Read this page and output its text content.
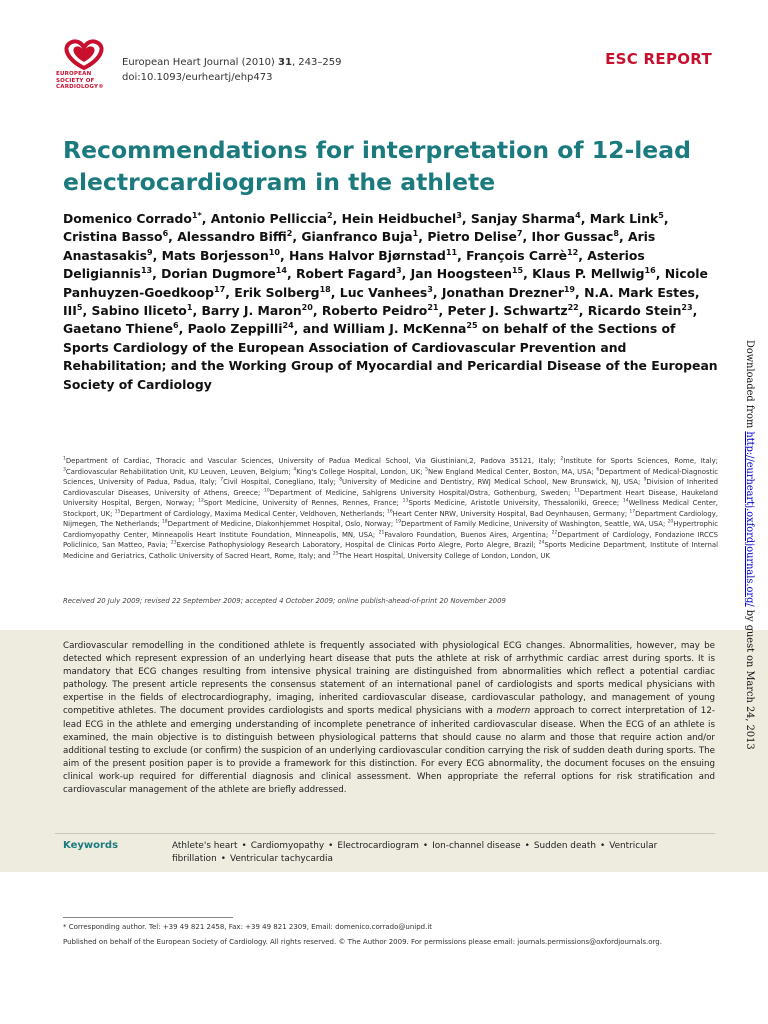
EUROPEAN SOCIETY OF CARDIOLOGY®
European Heart Journal (2010) 31, 243–259
doi:10.1093/eurheartj/ehp473
ESC REPORT
Recommendations for interpretation of 12-lead electrocardiogram in the athlete
Domenico Corrado$^{1*}$, Antonio Pelliccia$^2$, Hein Heidbuchel$^3$, Sanjay Sharma$^4$, Mark Link$^5$, Cristina Basso$^6$, Alessandro Biffi$^2$, Gianfranco Buja$^1$, Pietro Delise$^7$, Ihor Gussac$^8$, Aris Anastasakis$^9$, Mats Borjesson$^{10}$, Hans Halvor Bjørnstad$^{11}$, François Carrè$^{12}$, Asterios Deligiannis$^{13}$, Dorian Dugmore$^{14}$, Robert Fagard$^3$, Jan Hoogsteen$^{15}$, Klaus P. Mellwig$^{16}$, Nicole Panhuyzen-Goedkoop$^{17}$, Erik Solberg$^{18}$, Luc Vanhees$^3$, Jonathan Drezner$^{19}$, N.A. Mark Estes, III$^5$, Sabino Iliceto$^1$, Barry J. Maron$^{20}$, Roberto Peidro$^{21}$, Peter J. Schwartz$^{22}$, Ricardo Stein$^{23}$, Gaetano Thiene$^6$, Paolo Zeppilli$^{24}$, and William J. McKenna$^{25}$ on behalf of the Sections of Sports Cardiology of the European Association of Cardiovascular Prevention and Rehabilitation; and the Working Group of Myocardial and Pericardial Disease of the European Society of Cardiology
$^1$Department of Cardiac, Thoracic and Vascular Sciences, University of Padua Medical School, Via Giustiniani,2, Padova 35121, Italy; $^2$Institute for Sports Sciences, Rome, Italy; $^3$Cardiovascular Rehabilitation Unit, KU Leuven, Leuven, Belgium; $^4$King's College Hospital, London, UK; $^5$New England Medical Center, Boston, MA, USA; $^6$Department of Medical-Diagnostic Sciences, University of Padua, Padua, Italy; $^7$Civil Hospital, Conegliano, Italy; $^8$University of Medicine and Dentistry, RWJ Medical School, New Brunswick, NJ, USA; $^9$Division of Inherited Cardiovascular Diseases, University of Athens, Greece; $^{10}$Department of Medicine, Sahlgrens University Hospital/Ostra, Gothenburg, Sweden; $^{11}$Department Heart Disease, Haukeland University Hospital, Bergen, Norway; $^{12}$Sport Medicine, University of Rennes, Rennes, France; $^{13}$Sports Medicine, Aristotle University, Thessaloniki, Greece; $^{14}$Wellness Medical Center, Stockport, UK; $^{15}$Department of Cardiology, Maxima Medical Center, Veldhoven, Netherlands; $^{16}$Heart Center NRW, University Hospital, Bad Oeynhausen, Germany; $^{17}$Department Cardiology, Nijmegen, The Netherlands; $^{18}$Department of Medicine, Diakonhjemmet Hospital, Oslo, Norway; $^{19}$Department of Family Medicine, University of Washington, Seattle, WA, USA; $^{20}$Hypertrophic Cardiomyopathy Center, Minneapolis Heart Institute Foundation, Minneapolis, MN, USA; $^{21}$Favaloro Foundation, Buenos Aires, Argentina; $^{22}$Department of Cardiology, Fondazione IRCCS Policlinico, San Matteo, Pavia; $^{23}$Exercise Pathophysiology Research Laboratory, Hospital de Clinicas Porto Alegre, Porto Alegre, Brazil; $^{24}$Sports Medicine Department, Institute of Internal Medicine and Geriatrics, Catholic University of Sacred Heart, Rome, Italy; and $^{25}$The Heart Hospital, University College of London, London, UK
Received 20 July 2009; revised 22 September 2009; accepted 4 October 2009; online publish-ahead-of-print 20 November 2009

Cardiovascular remodelling in the conditioned athlete is frequently associated with physiological ECG changes. Abnormalities, however, may be detected which represent expression of an underlying heart disease that puts the athlete at risk of arrhythmic cardiac arrest during sports. It is mandatory that ECG changes resulting from intensive physical training are distinguished from abnormalities which reflect a potential cardiac pathology. The present article represents the consensus statement of an international panel of cardiologists and sports medical physicians with expertise in the fields of electrocardiography, imaging, inherited cardiovascular disease, cardiovascular pathology, and management of young competitive athletes. The document provides cardiologists and sports medical physicians with a modern approach to correct interpretation of 12-lead ECG in the athlete and emerging understanding of incomplete penetrance of inherited cardiovascular disease. When the ECG of an athlete is examined, the main objective is to distinguish between physiological patterns that should cause no alarm and those that require action and/or additional testing to exclude (or confirm) the suspicion of an underlying cardiovascular condition carrying the risk of sudden death during sports. The aim of the present position paper is to provide a framework for this distinction. For every ECG abnormality, the document focuses on the ensuing clinical work-up required for differential diagnosis and clinical assessment. When appropriate the referral options for risk stratification and cardiovascular management of the athlete are briefly addressed.

Keywords	Athlete's heart • Cardiomyopathy • Electrocardiogram • Ion-channel disease • Sudden death • Ventricular fibrillation • Ventricular tachycardia
* Corresponding author. Tel: +39 49 821 2458, Fax: +39 49 821 2309, Email: domenico.corrado@unipd.it
Published on behalf of the European Society of Cardiology. All rights reserved. © The Author 2009. For permissions please email: journals.permissions@oxfordjournals.org.
Downloaded from http://eurheartj.oxfordjournals.org/ by guest on March 24, 2013
